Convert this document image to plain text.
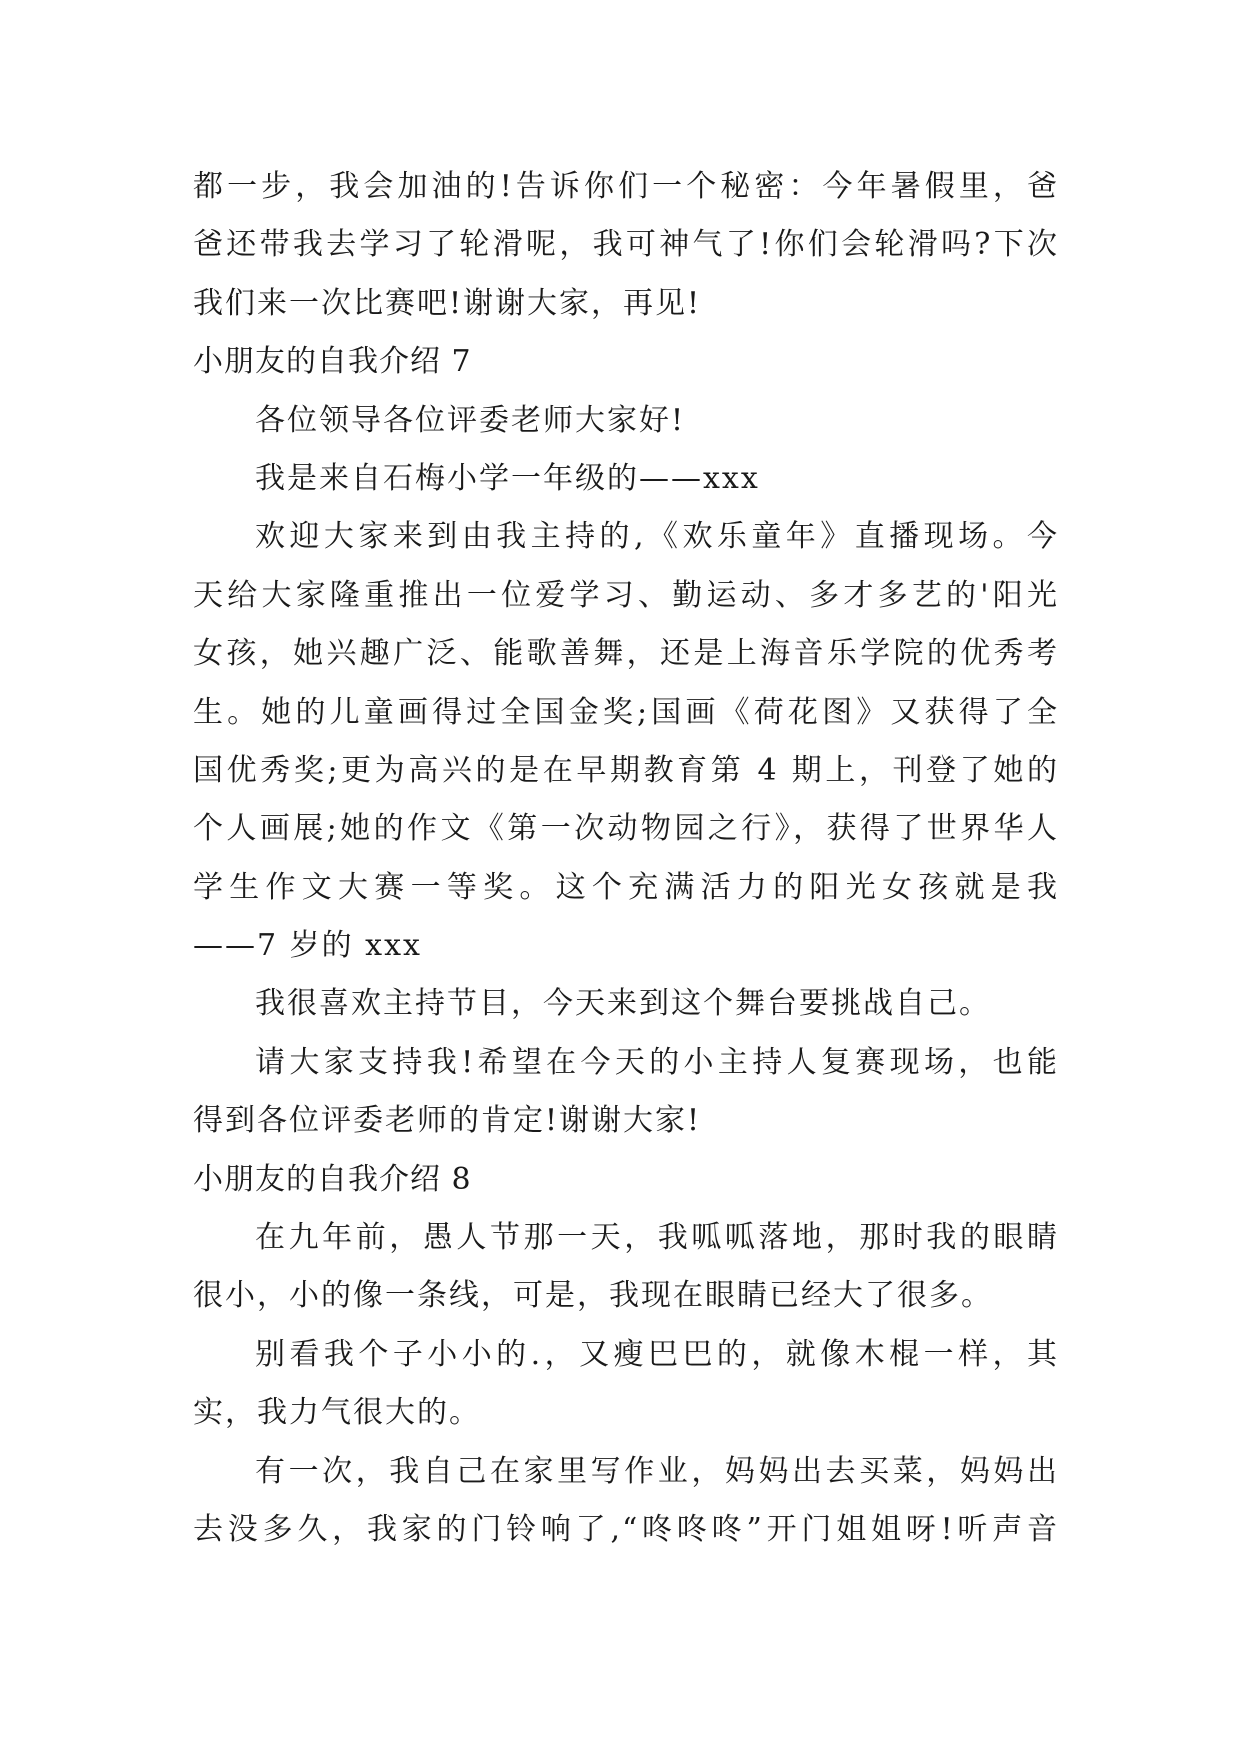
都一步，我会加油的!告诉你们一个秘密：今年暑假里，爸
爸还带我去学习了轮滑呢，我可神气了!你们会轮滑吗?下次
我们来一次比赛吧!谢谢大家，再见!
小朋友的自我介绍 7
各位领导各位评委老师大家好!
我是来自石梅小学一年级的——xxx
欢迎大家来到由我主持的,《欢乐童年》直播现场。今
天给大家隆重推出一位爱学习、勤运动、多才多艺的'阳光
女孩，她兴趣广泛、能歌善舞，还是上海音乐学院的优秀考
生。她的儿童画得过全国金奖;国画《荷花图》又获得了全
国优秀奖;更为高兴的是在早期教育第 4 期上，刊登了她的
个人画展;她的作文《第一次动物园之行》，获得了世界华人
学生作文大赛一等奖。这个充满活力的阳光女孩就是我
——7 岁的 xxx
我很喜欢主持节目，今天来到这个舞台要挑战自己。
请大家支持我!希望在今天的小主持人复赛现场，也能
得到各位评委老师的肯定!谢谢大家!
小朋友的自我介绍 8
在九年前，愚人节那一天，我呱呱落地，那时我的眼睛
很小，小的像一条线，可是，我现在眼睛已经大了很多。
别看我个子小小的.，又瘦巴巴的，就像木棍一样，其
实，我力气很大的。
有一次，我自己在家里写作业，妈妈出去买菜，妈妈出
去没多久，我家的门铃响了,“咚咚咚”开门姐姐呀!听声音
